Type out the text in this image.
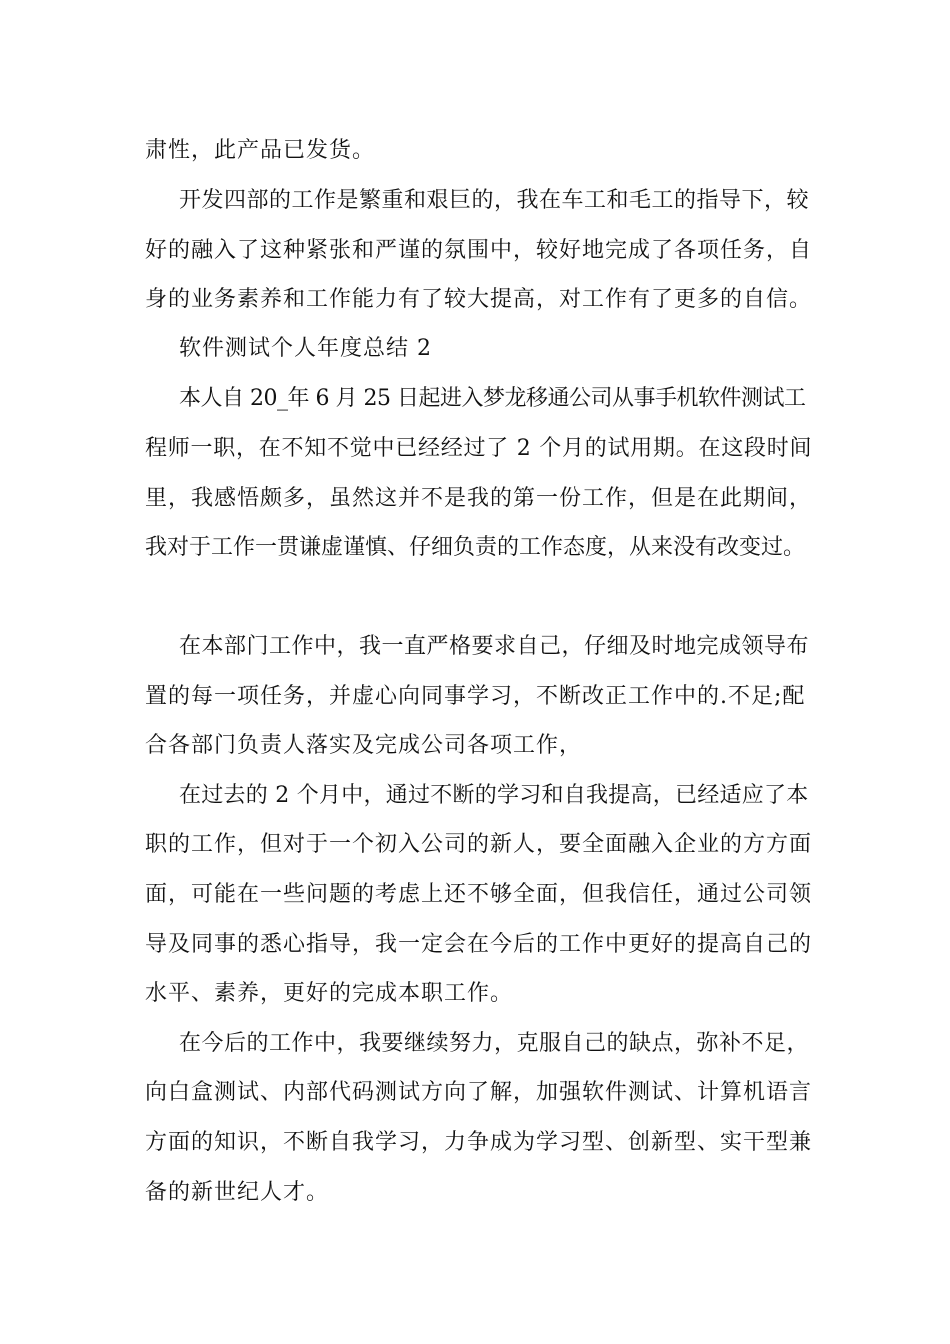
肃性，此产品已发货。
开发四部的工作是繁重和艰巨的，我在车工和毛工的指导下，较
好的融入了这种紧张和严谨的氛围中，较好地完成了各项任务，自
身的业务素养和工作能力有了较大提高，对工作有了更多的自信。
软件测试个人年度总结 2
本人自 20_年 6 月 25 日起进入梦龙移通公司从事手机软件测试工
程师一职，在不知不觉中已经经过了 2 个月的试用期。在这段时间
里，我感悟颇多，虽然这并不是我的第一份工作，但是在此期间，
我对于工作一贯谦虚谨慎、仔细负责的工作态度，从来没有改变过。
在本部门工作中，我一直严格要求自己，仔细及时地完成领导布
置的每一项任务，并虚心向同事学习，不断改正工作中的.不足;配
合各部门负责人落实及完成公司各项工作，
在过去的 2 个月中，通过不断的学习和自我提高，已经适应了本
职的工作，但对于一个初入公司的新人，要全面融入企业的方方面
面，可能在一些问题的考虑上还不够全面，但我信任，通过公司领
导及同事的悉心指导，我一定会在今后的工作中更好的提高自己的
水平、素养，更好的完成本职工作。
在今后的工作中，我要继续努力，克服自己的缺点，弥补不足，
向白盒测试、内部代码测试方向了解，加强软件测试、计算机语言
方面的知识，不断自我学习，力争成为学习型、创新型、实干型兼
备的新世纪人才。
